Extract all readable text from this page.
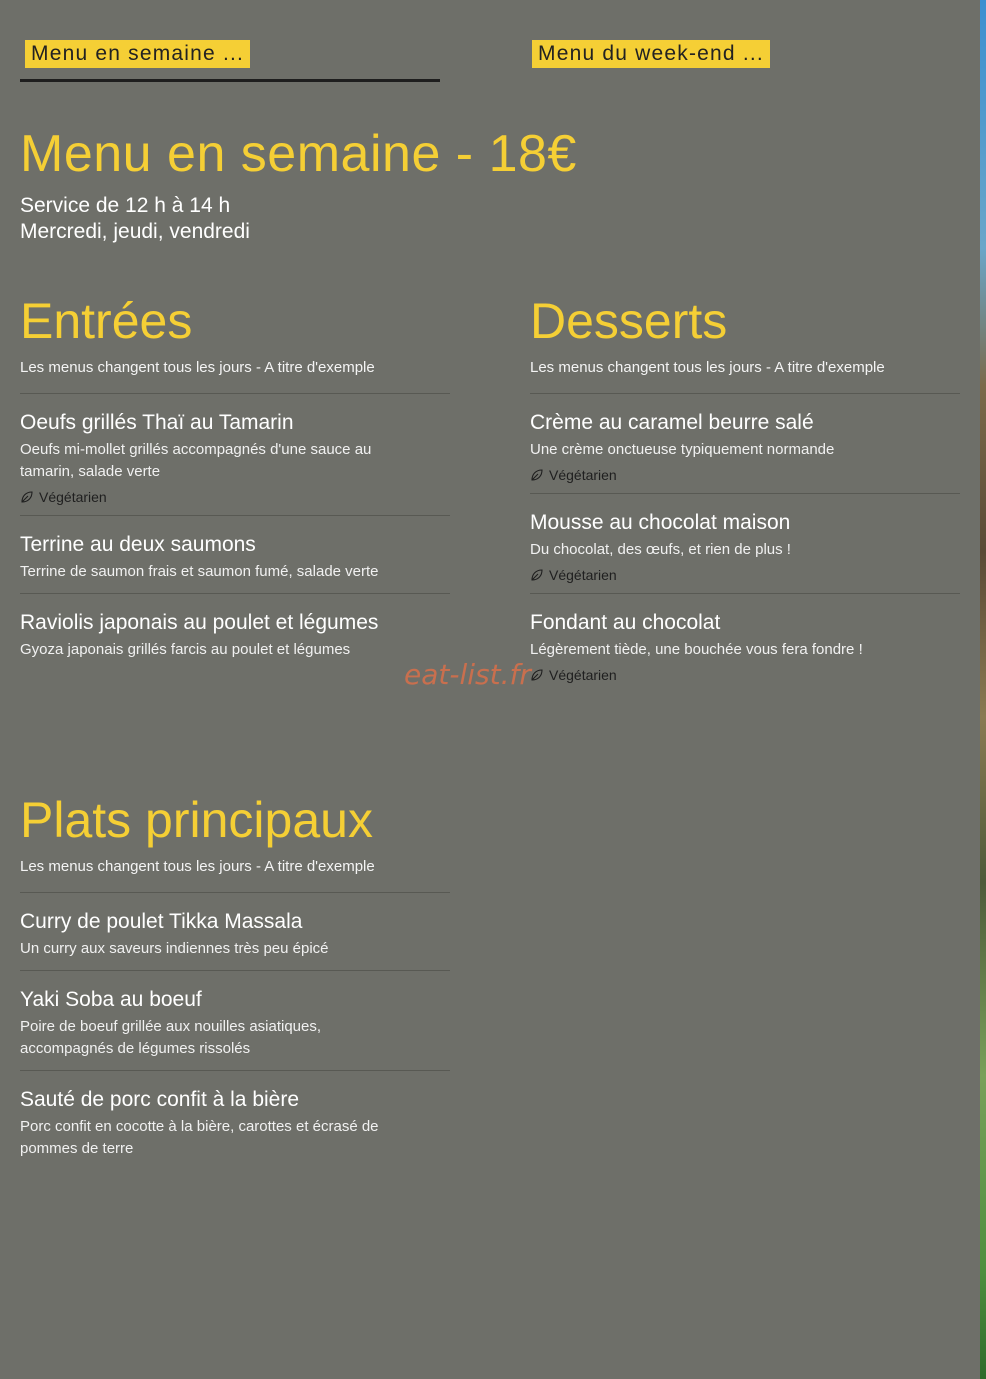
Menu en semaine ...	Menu du week-end ...
Menu en semaine - 18€
Service de 12 h à 14 h
Mercredi, jeudi, vendredi
Entrées
Les menus changent tous les jours - A titre d'exemple
Oeufs grillés Thaï au Tamarin
Oeufs mi-mollet grillés accompagnés d'une sauce au tamarin, salade verte
Végétarien
Terrine au deux saumons
Terrine de saumon frais et saumon fumé, salade verte
Raviolis japonais au poulet et légumes
Gyoza japonais grillés farcis au poulet et légumes
Desserts
Les menus changent tous les jours - A titre d'exemple
Crème au caramel beurre salé
Une crème onctueuse typiquement normande
Végétarien
Mousse au chocolat maison
Du chocolat, des œufs, et rien de plus !
Végétarien
Fondant au chocolat
Légèrement tiède, une bouchée vous fera fondre !
Végétarien
Plats principaux
Les menus changent tous les jours - A titre d'exemple
Curry de poulet Tikka Massala
Un curry aux saveurs indiennes très peu épicé
Yaki Soba au boeuf
Poire de boeuf grillée aux nouilles asiatiques, accompagnés de légumes rissolés
Sauté de porc confit à la bière
Porc confit en cocotte à la bière, carottes et écrasé de pommes de terre
eat-list.fr
